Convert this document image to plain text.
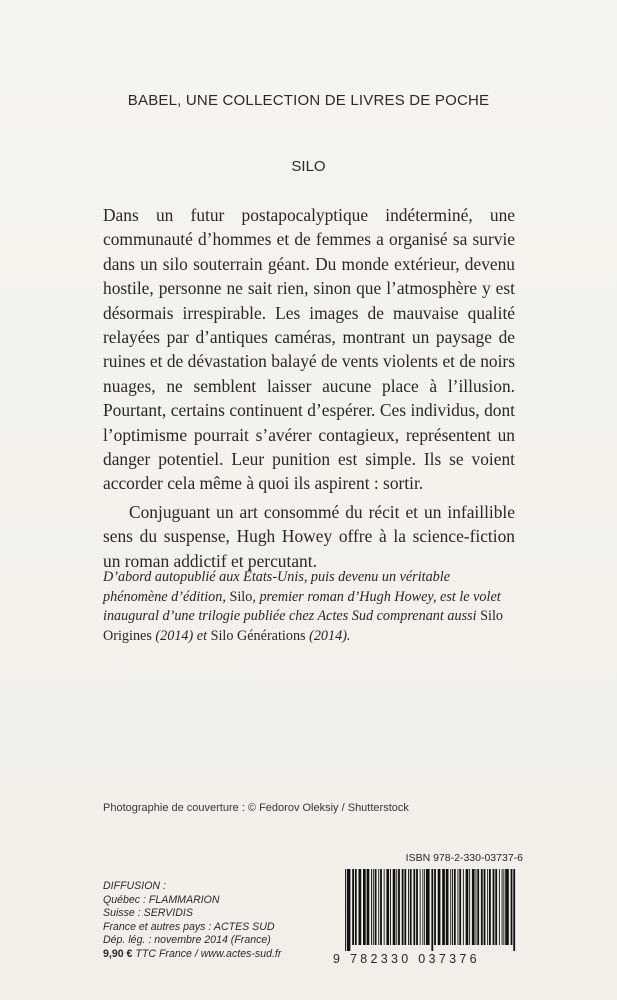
BABEL, UNE COLLECTION DE LIVRES DE POCHE
SILO

Dans un futur postapocalyptique indéterminé, une communauté d’hommes et de femmes a organisé sa survie dans un silo souterrain géant. Du monde extérieur, devenu hostile, personne ne sait rien, sinon que l’atmosphère y est désormais irrespirable. Les images de mauvaise qualité relayées par d’antiques caméras, montrant un paysage de ruines et de dévastation balayé de vents violents et de noirs nuages, ne semblent laisser aucune place à l’illusion. Pourtant, certains continuent d’espérer. Ces individus, dont l’optimisme pourrait s’avérer contagieux, représentent un danger potentiel. Leur punition est simple. Ils se voient accorder cela même à quoi ils aspirent : sortir.

Conjuguant un art consommé du récit et un infaillible sens du suspense, Hugh Howey offre à la science-fiction un roman addictif et percutant.

D’abord autopublié aux États-Unis, puis devenu un véritable phénomène d’édition, Silo, premier roman d’Hugh Howey, est le volet inaugural d’une trilogie publiée chez Actes Sud comprenant aussi Silo Origines (2014) et Silo Générations (2014).
Photographie de couverture : © Fedorov Oleksiy / Shutterstock
DIFFUSION :
Québec : FLAMMARION
Suisse : SERVIDIS
France et autres pays : ACTES SUD
Dép. lég. : novembre 2014 (France)
9,90 € TTC France / www.actes-sud.fr
ISBN 978-2-330-03737-6
9 782330 037376
